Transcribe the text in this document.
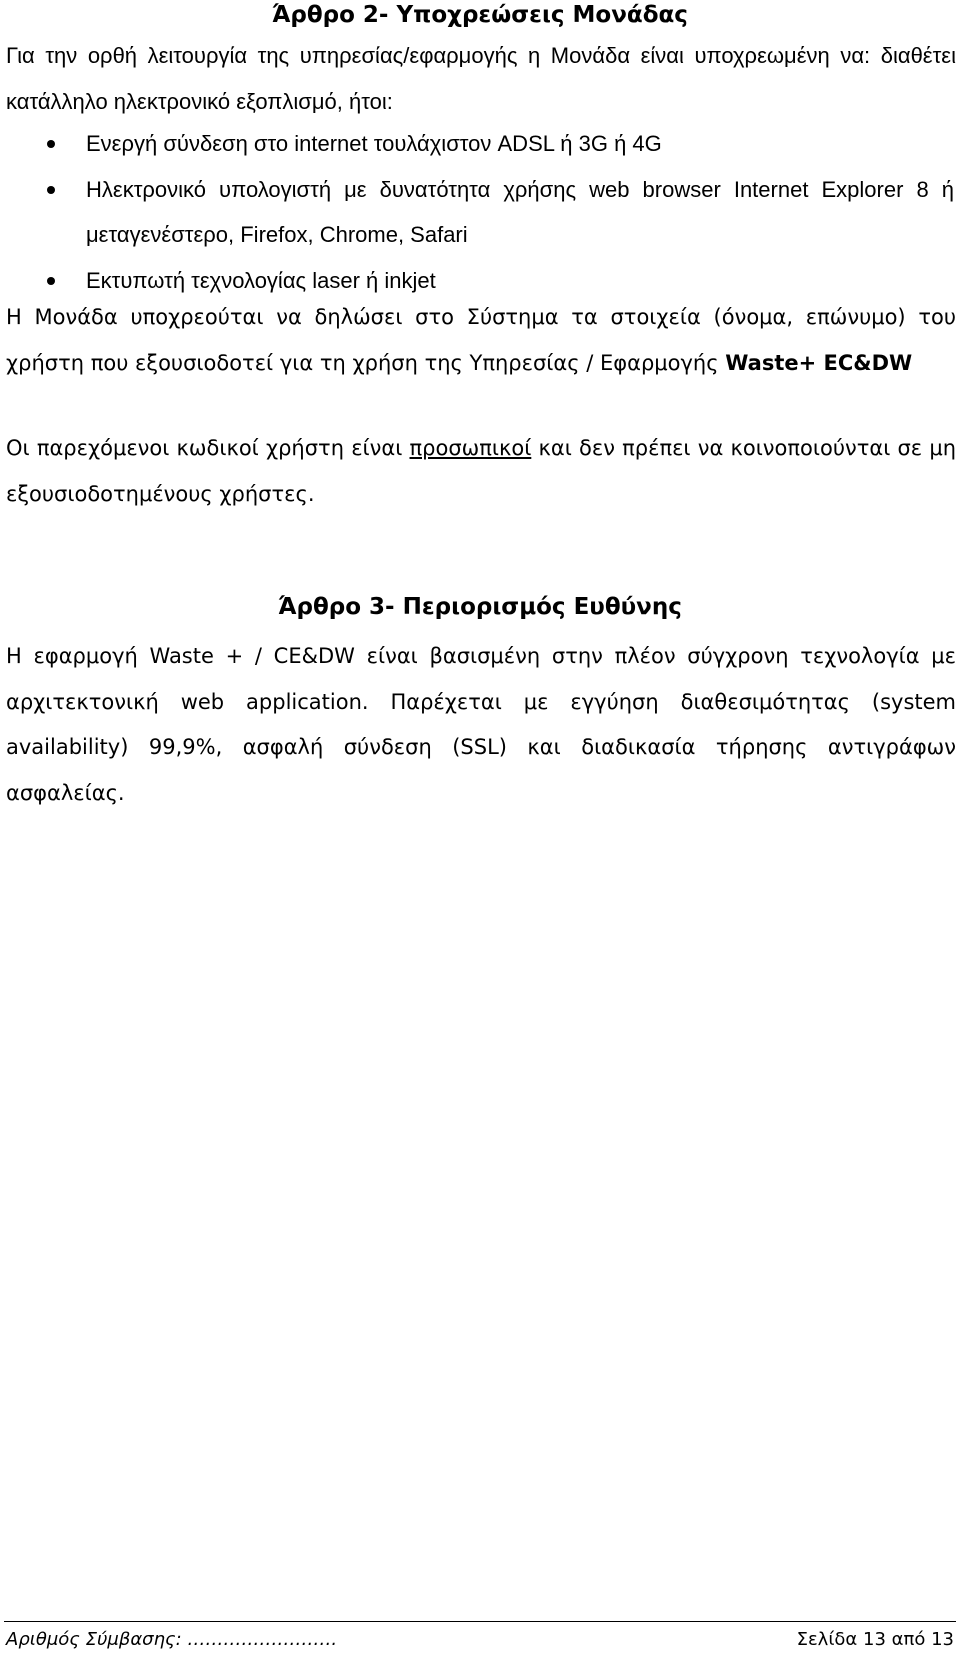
Άρθρο 2- Υποχρεώσεις Μονάδας

Για την ορθή λειτουργία της υπηρεσίας/εφαρμογής η Μονάδα είναι υποχρεωμένη να: διαθέτει κατάλληλο ηλεκτρονικό εξοπλισμό, ήτοι:

Ενεργή σύνδεση στο internet τουλάχιστον ADSL ή 3G ή 4G
Ηλεκτρονικό υπολογιστή με δυνατότητα χρήσης web browser Internet Explorer 8 ή μεταγενέστερο, Firefox, Chrome, Safari
Εκτυπωτή τεχνολογίας laser ή inkjet

Η Μονάδα υποχρεούται να δηλώσει στο Σύστημα τα στοιχεία (όνομα, επώνυμο) του χρήστη που εξουσιοδοτεί για τη χρήση της Υπηρεσίας / Εφαρμογής Waste+ EC&DW

Οι παρεχόμενοι κωδικοί χρήστη είναι προσωπικοί και δεν πρέπει να κοινοποιούνται σε μη εξουσιοδοτημένους χρήστες.

Άρθρο 3- Περιορισμός Ευθύνης

Η εφαρμογή Waste + / CE&DW είναι βασισμένη στην πλέον σύγχρονη τεχνολογία με αρχιτεκτονική web application. Παρέχεται με εγγύηση διαθεσιμότητας (system availability) 99,9%, ασφαλή σύνδεση (SSL) και διαδικασία τήρησης αντιγράφων ασφαλείας.

Αριθμός Σύμβασης: …………………….	Σελίδα 13 από 13
